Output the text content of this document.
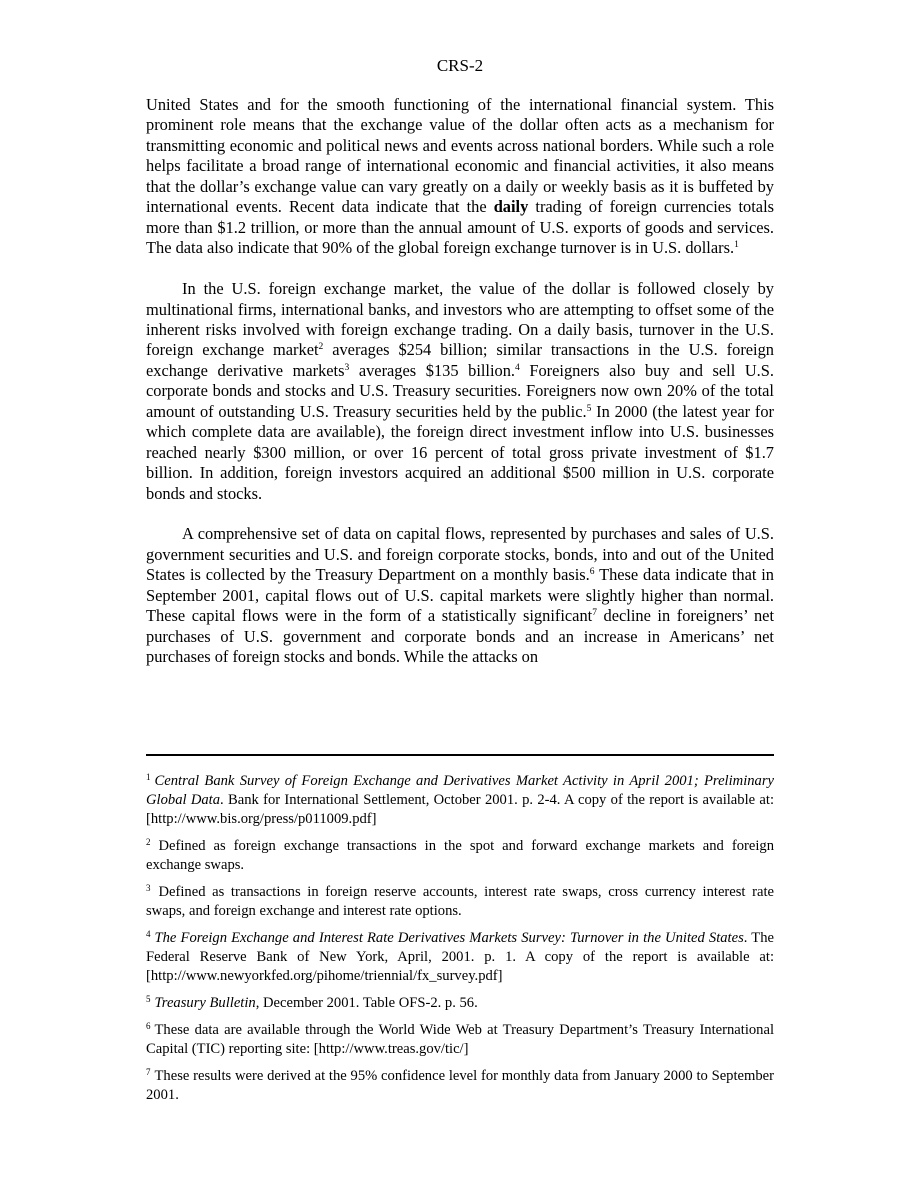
CRS-2

United States and for the smooth functioning of the international financial system. This prominent role means that the exchange value of the dollar often acts as a mechanism for transmitting economic and political news and events across national borders. While such a role helps facilitate a broad range of international economic and financial activities, it also means that the dollar’s exchange value can vary greatly on a daily or weekly basis as it is buffeted by international events. Recent data indicate that the daily trading of foreign currencies totals more than $1.2 trillion, or more than the annual amount of U.S. exports of goods and services. The data also indicate that 90% of the global foreign exchange turnover is in U.S. dollars.$^1$

In the U.S. foreign exchange market, the value of the dollar is followed closely by multinational firms, international banks, and investors who are attempting to offset some of the inherent risks involved with foreign exchange trading. On a daily basis, turnover in the U.S. foreign exchange market$^2$ averages $254 billion; similar transactions in the U.S. foreign exchange derivative markets$^3$ averages $135 billion.$^4$ Foreigners also buy and sell U.S. corporate bonds and stocks and U.S. Treasury securities. Foreigners now own 20% of the total amount of outstanding U.S. Treasury securities held by the public.$^5$ In 2000 (the latest year for which complete data are available), the foreign direct investment inflow into U.S. businesses reached nearly $300 million, or over 16 percent of total gross private investment of $1.7 billion. In addition, foreign investors acquired an additional $500 million in U.S. corporate bonds and stocks.

A comprehensive set of data on capital flows, represented by purchases and sales of U.S. government securities and U.S. and foreign corporate stocks, bonds, into and out of the United States is collected by the Treasury Department on a monthly basis.$^6$ These data indicate that in September 2001, capital flows out of U.S. capital markets were slightly higher than normal. These capital flows were in the form of a statistically significant$^7$ decline in foreigners’ net purchases of U.S. government and corporate bonds and an increase in Americans’ net purchases of foreign stocks and bonds. While the attacks on

$^1$ Central Bank Survey of Foreign Exchange and Derivatives Market Activity in April 2001; Preliminary Global Data. Bank for International Settlement, October 2001. p. 2-4. A copy of the report is available at: [http://www.bis.org/press/p011009.pdf]

$^2$ Defined as foreign exchange transactions in the spot and forward exchange markets and foreign exchange swaps.

$^3$ Defined as transactions in foreign reserve accounts, interest rate swaps, cross currency interest rate swaps, and foreign exchange and interest rate options.

$^4$ The Foreign Exchange and Interest Rate Derivatives Markets Survey: Turnover in the United States. The Federal Reserve Bank of New York, April, 2001. p. 1. A copy of the report is available at: [http://www.newyorkfed.org/pihome/triennial/fx_survey.pdf]

$^5$ Treasury Bulletin, December 2001. Table OFS-2. p. 56.

$^6$ These data are available through the World Wide Web at Treasury Department’s Treasury International Capital (TIC) reporting site: [http://www.treas.gov/tic/]

$^7$ These results were derived at the 95% confidence level for monthly data from January 2000 to September 2001.
